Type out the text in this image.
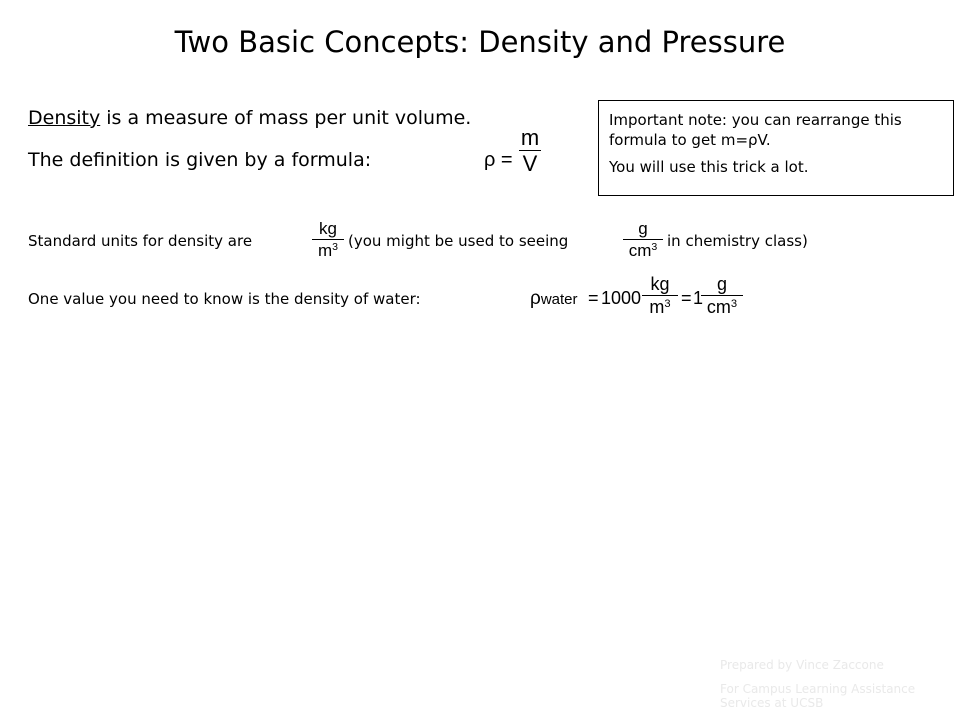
Two Basic Concepts: Density and Pressure
Density is a measure of mass per unit volume.
The definition is given by a formula:	ρ =
m
V

Important note: you can rearrange this formula to get m=ρV.

You will use this trick a lot.

Standard units for density are
kg
$m^3$ (you might be used to seeing
g
$cm^3$ in chemistry class)
One value you need to know is the density of water:	ρwater = 1000
kg
$m^3 = 1$
g
$cm^3$

Prepared by Vince Zaccone

For Campus Learning Assistance Services at UCSB
